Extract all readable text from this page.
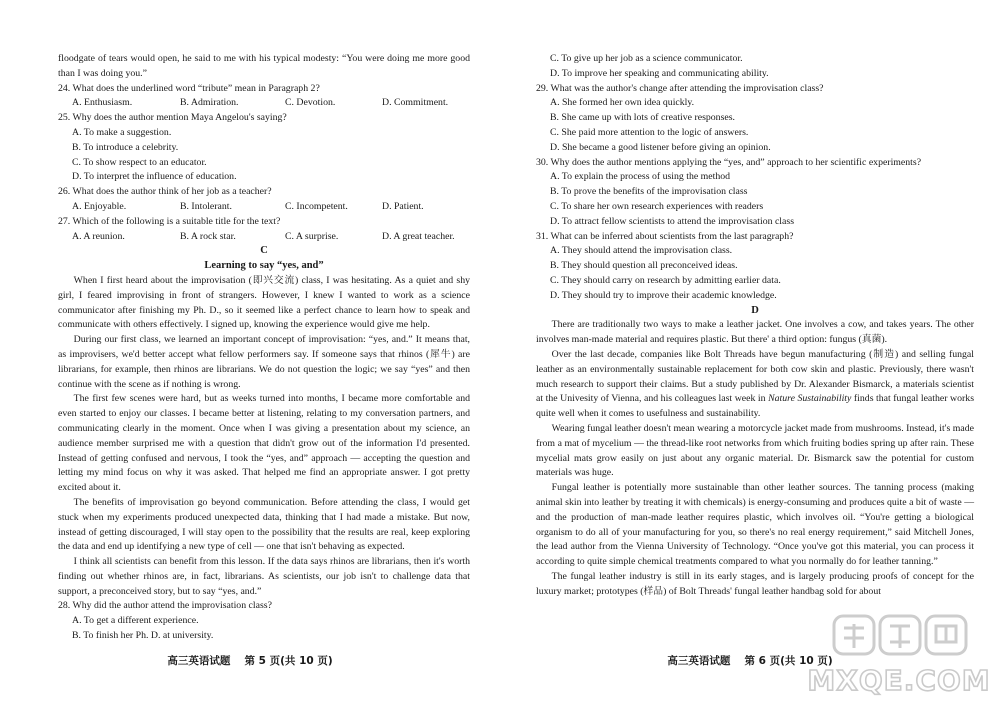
floodgate of tears would open, he said to me with his typical modesty: “You were doing me more good than I was doing you.”

24. What does the underlined word “tribute” mean in Paragraph 2?

A. Enthusiasm.	B. Admiration.	C. Devotion.	D. Commitment.

25. Why does the author mention Maya Angelou's saying?

A. To make a suggestion.

B. To introduce a celebrity.

C. To show respect to an educator.

D. To interpret the influence of education.

26. What does the author think of her job as a teacher?

A. Enjoyable.	B. Intolerant.	C. Incompetent.	D. Patient.

27. Which of the following is a suitable title for the text?

A. A reunion.	B. A rock star.	C. A surprise.	D. A great teacher.

C

Learning to say “yes, and”

When I first heard about the improvisation (即兴交流) class, I was hesitating. As a quiet and shy girl, I feared improvising in front of strangers. However, I knew I wanted to work as a science communicator after finishing my Ph. D., so it seemed like a perfect chance to learn how to speak and communicate with others effectively. I signed up, knowing the experience would give me help.

During our first class, we learned an important concept of improvisation: “yes, and.” It means that, as improvisers, we'd better accept what fellow performers say. If someone says that rhinos (犀牛) are librarians, for example, then rhinos are librarians. We do not question the logic; we say “yes” and then continue with the scene as if nothing is wrong.

The first few scenes were hard, but as weeks turned into months, I became more comfortable and even started to enjoy our classes. I became better at listening, relating to my conversation partners, and communicating clearly in the moment. Once when I was giving a presentation about my science, an audience member surprised me with a question that didn't grow out of the information I'd presented. Instead of getting confused and nervous, I took the “yes, and” approach — accepting the question and letting my mind focus on why it was asked. That helped me find an appropriate answer. I got pretty excited about it.

The benefits of improvisation go beyond communication. Before attending the class, I would get stuck when my experiments produced unexpected data, thinking that I had made a mistake. But now, instead of getting discouraged, I will stay open to the possibility that the results are real, keep exploring the data and end up identifying a new type of cell — one that isn't behaving as expected.

I think all scientists can benefit from this lesson. If the data says rhinos are librarians, then it's worth finding out whether rhinos are, in fact, librarians. As scientists, our job isn't to challenge data that support, a preconceived story, but to say “yes, and.”

28. Why did the author attend the improvisation class?

A. To get a different experience.

B. To finish her Ph. D. at university.

高三英语试题　 第 5 页(共 10 页)

C. To give up her job as a science communicator.

D. To improve her speaking and communicating ability.

29. What was the author's change after attending the improvisation class?

A. She formed her own idea quickly.

B. She came up with lots of creative responses.

C. She paid more attention to the logic of answers.

D. She became a good listener before giving an opinion.

30. Why does the author mentions applying the “yes, and” approach to her scientific experiments?

A. To explain the process of using the method

B. To prove the benefits of the improvisation class

C. To share her own research experiences with readers

D. To attract fellow scientists to attend the improvisation class

31. What can be inferred about scientists from the last paragraph?

A. They should attend the improvisation class.

B. They should question all preconceived ideas.

C. They should carry on research by admitting earlier data.

D. They should try to improve their academic knowledge.

D

There are traditionally two ways to make a leather jacket. One involves a cow, and takes years. The other involves man-made material and requires plastic. But there' a third option: fungus (真菌).

Over the last decade, companies like Bolt Threads have begun manufacturing (制造) and selling fungal leather as an environmentally sustainable replacement for both cow skin and plastic. Previously, there wasn't much research to support their claims. But a study published by Dr. Alexander Bismarck, a materials scientist at the Univesity of Vienna, and his colleagues last week in Nature Sustainability finds that fungal leather works quite well when it comes to usefulness and sustainability.

Wearing fungal leather doesn't mean wearing a motorcycle jacket made from mushrooms. Instead, it's made from a mat of mycelium — the thread-like root networks from which fruiting bodies spring up after rain. These mycelial mats grow easily on just about any organic material. Dr. Bismarck saw the potential for custom materials was huge.

Fungal leather is potentially more sustainable than other leather sources. The tanning process (making animal skin into leather by treating it with chemicals) is energy-consuming and produces quite a bit of waste — and the production of man-made leather requires plastic, which involves oil. “You're getting a biological organism to do all of your manufacturing for you, so there's no real energy requirement,” said Mitchell Jones, the lead author from the Vienna University of Technology. “Once you've got this material, you can process it according to quite simple chemical treatments compared to what you normally do for leather tanning.”

The fungal leather industry is still in its early stages, and is largely producing proofs of concept for the luxury market; prototypes (样品) of Bolt Threads' fungal leather handbag sold for about

高三英语试题　 第 6 页(共 10 页)
MXQE.COM
